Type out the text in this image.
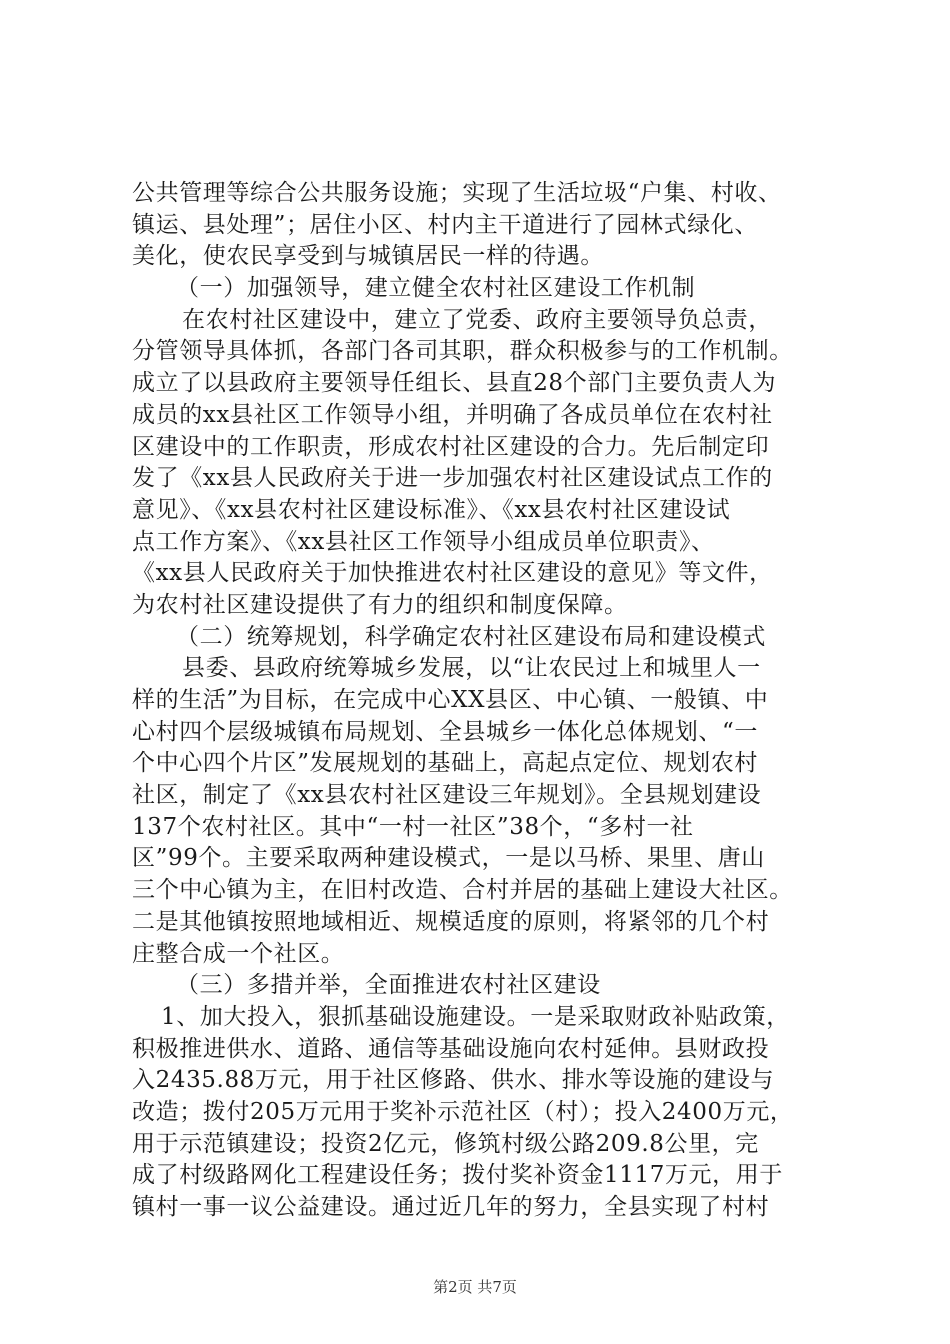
公共管理等综合公共服务设施；实现了生活垃圾“户集、村收、
镇运、县处理”；居住小区、村内主干道进行了园林式绿化、
美化，使农民享受到与城镇居民一样的待遇。
（一）加强领导，建立健全农村社区建设工作机制
在农村社区建设中，建立了党委、政府主要领导负总责，
分管领导具体抓，各部门各司其职，群众积极参与的工作机制。
成立了以县政府主要领导任组长、县直28个部门主要负责人为
成员的xx县社区工作领导小组，并明确了各成员单位在农村社
区建设中的工作职责，形成农村社区建设的合力。先后制定印
发了《xx县人民政府关于进一步加强农村社区建设试点工作的
意见》、《xx县农村社区建设标准》、《xx县农村社区建设试
点工作方案》、《xx县社区工作领导小组成员单位职责》、
《xx县人民政府关于加快推进农村社区建设的意见》等文件，
为农村社区建设提供了有力的组织和制度保障。
（二）统筹规划，科学确定农村社区建设布局和建设模式
县委、县政府统筹城乡发展，以“让农民过上和城里人一
样的生活”为目标，在完成中心XX县区、中心镇、一般镇、中
心村四个层级城镇布局规划、全县城乡一体化总体规划、“一
个中心四个片区”发展规划的基础上，高起点定位、规划农村
社区，制定了《xx县农村社区建设三年规划》。全县规划建设
137个农村社区。其中“一村一社区”38个，“多村一社
区”99个。主要采取两种建设模式，一是以马桥、果里、唐山
三个中心镇为主，在旧村改造、合村并居的基础上建设大社区。
二是其他镇按照地域相近、规模适度的原则，将紧邻的几个村
庄整合成一个社区。
（三）多措并举，全面推进农村社区建设
1、加大投入，狠抓基础设施建设。一是采取财政补贴政策，
积极推进供水、道路、通信等基础设施向农村延伸。县财政投
入2435.88万元，用于社区修路、供水、排水等设施的建设与
改造；拨付205万元用于奖补示范社区（村）；投入2400万元，
用于示范镇建设；投资2亿元，修筑村级公路209.8公里，完
成了村级路网化工程建设任务；拨付奖补资金1117万元，用于
镇村一事一议公益建设。通过近几年的努力，全县实现了村村
第2页 共7页
